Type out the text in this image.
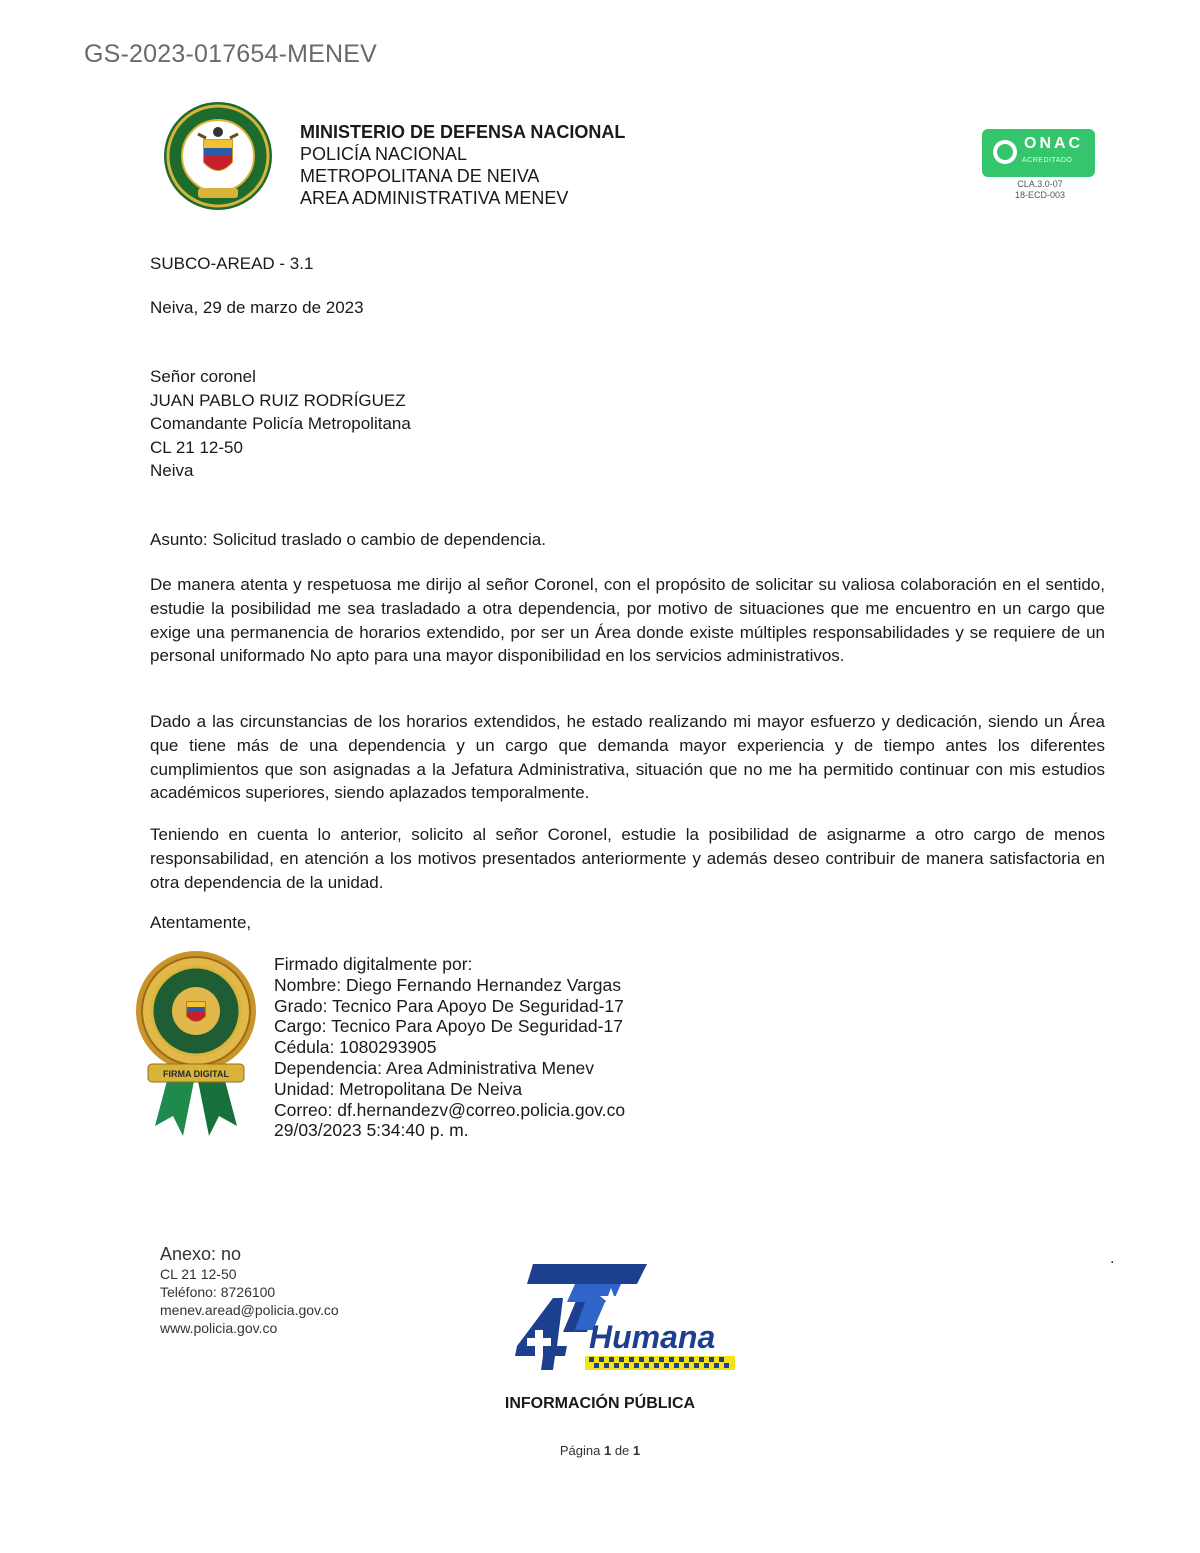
GS-2023-017654-MENEV
MINISTERIO DE DEFENSA NACIONAL
POLICÍA NACIONAL
METROPOLITANA DE NEIVA
AREA ADMINISTRATIVA MENEV
ONAC
ACREDITADO
CLA.3.0-07
18-ECD-003
SUBCO-AREAD - 3.1
Neiva, 29 de marzo de 2023
Señor coronel
JUAN PABLO RUIZ RODRÍGUEZ
Comandante Policía Metropolitana
CL 21 12-50
Neiva
Asunto: Solicitud traslado o cambio de dependencia.
De manera atenta y respetuosa me dirijo al señor Coronel, con el propósito de solicitar su valiosa colaboración en el sentido, estudie la posibilidad me sea trasladado a otra dependencia, por motivo de situaciones que me encuentro en un cargo que exige una permanencia de horarios extendido, por ser un Área donde existe múltiples responsabilidades y se requiere de un personal uniformado No apto para una mayor disponibilidad en los servicios administrativos.
Dado a las circunstancias de los horarios extendidos, he estado realizando mi mayor esfuerzo y dedicación, siendo un Área que tiene más de una dependencia y un cargo que demanda mayor experiencia y de tiempo antes los diferentes cumplimientos que son asignadas a la Jefatura Administrativa, situación que no me ha permitido continuar con mis estudios académicos superiores, siendo aplazados temporalmente.
Teniendo en cuenta lo anterior, solicito al señor Coronel, estudie la posibilidad de asignarme a otro cargo de menos responsabilidad, en atención a los motivos presentados anteriormente y además deseo contribuir de manera satisfactoria en otra dependencia de la unidad.
Atentamente,
FIRMA DIGITAL
Firmado digitalmente por:
Nombre: Diego Fernando Hernandez Vargas
Grado: Tecnico Para Apoyo De Seguridad-17
Cargo: Tecnico Para Apoyo De Seguridad-17
Cédula: 1080293905
Dependencia: Area Administrativa Menev
Unidad: Metropolitana De Neiva
Correo: df.hernandezv@correo.policia.gov.co
29/03/2023 5:34:40 p. m.
Anexo: no
CL 21 12-50
Teléfono: 8726100
menev.aread@policia.gov.co
www.policia.gov.co
.
Humana
INFORMACIÓN PÚBLICA
Página 1 de 1
